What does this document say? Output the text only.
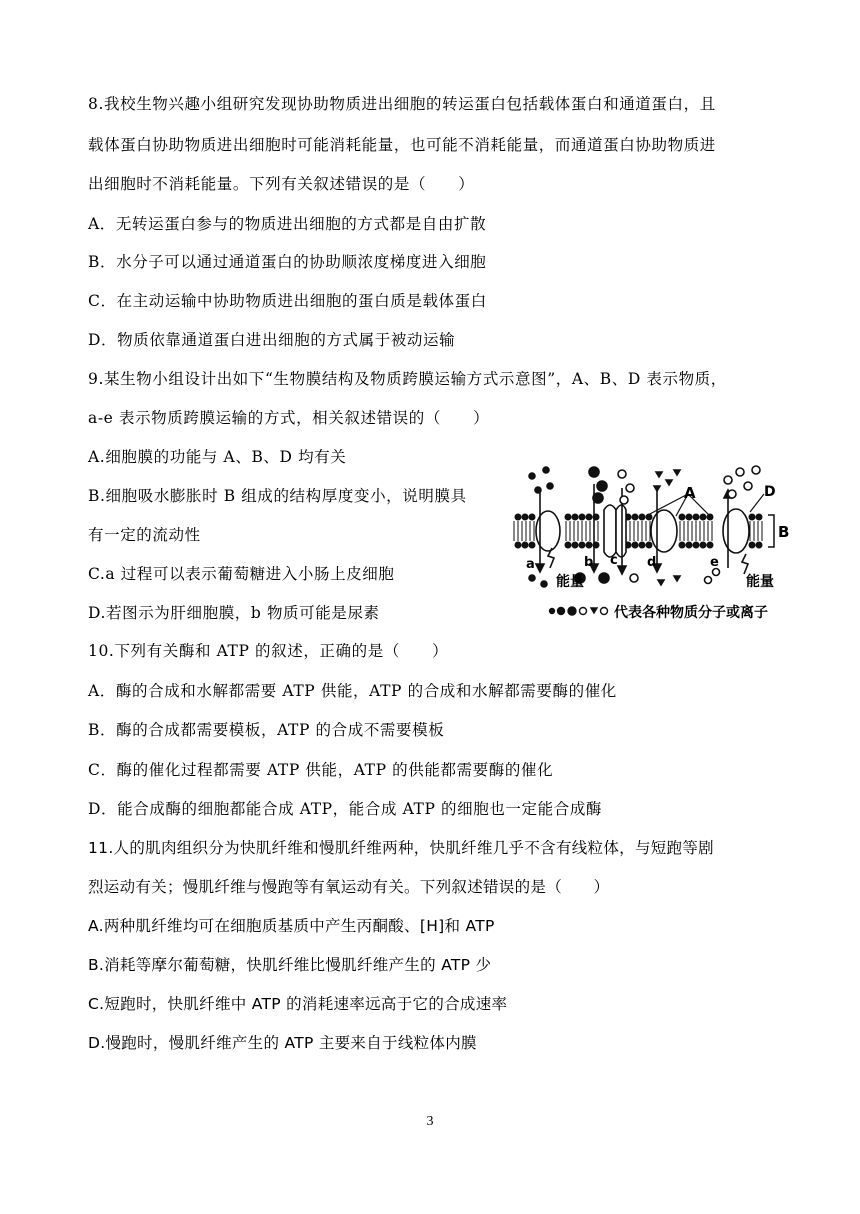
8.我校生物兴趣小组研究发现协助物质进出细胞的转运蛋白包括载体蛋白和通道蛋白，且
载体蛋白协助物质进出细胞时可能消耗能量，也可能不消耗能量，而通道蛋白协助物质进
出细胞时不消耗能量。下列有关叙述错误的是（　　）
A．无转运蛋白参与的物质进出细胞的方式都是自由扩散
B．水分子可以通过通道蛋白的协助顺浓度梯度进入细胞
C．在主动运输中协助物质进出细胞的蛋白质是载体蛋白
D．物质依靠通道蛋白进出细胞的方式属于被动运输
9.某生物小组设计出如下“生物膜结构及物质跨膜运输方式示意图”，A、B、D 表示物质，
a-e 表示物质跨膜运输的方式，相关叙述错误的（　　）
A.细胞膜的功能与 A、B、D 均有关
B.细胞吸水膨胀时 B 组成的结构厚度变小，说明膜具
有一定的流动性
C.a 过程可以表示葡萄糖进入小肠上皮细胞
D.若图示为肝细胞膜，b 物质可能是尿素
B
A	D
a	b c d	e
能量	能量
代表各种物质分子或离子
10.下列有关酶和 ATP 的叙述，正确的是（　　）
A．酶的合成和水解都需要 ATP 供能，ATP 的合成和水解都需要酶的催化
B．酶的合成都需要模板，ATP 的合成不需要模板
C．酶的催化过程都需要 ATP 供能，ATP 的供能都需要酶的催化
D．能合成酶的细胞都能合成 ATP，能合成 ATP 的细胞也一定能合成酶
11.人的肌肉组织分为快肌纤维和慢肌纤维两种，快肌纤维几乎不含有线粒体，与短跑等剧
烈运动有关；慢肌纤维与慢跑等有氧运动有关。下列叙述错误的是（　　）
A.两种肌纤维均可在细胞质基质中产生丙酮酸、[H]和 ATP
B.消耗等摩尔葡萄糖，快肌纤维比慢肌纤维产生的 ATP 少
C.短跑时，快肌纤维中 ATP 的消耗速率远高于它的合成速率
D.慢跑时，慢肌纤维产生的 ATP 主要来自于线粒体内膜
3
